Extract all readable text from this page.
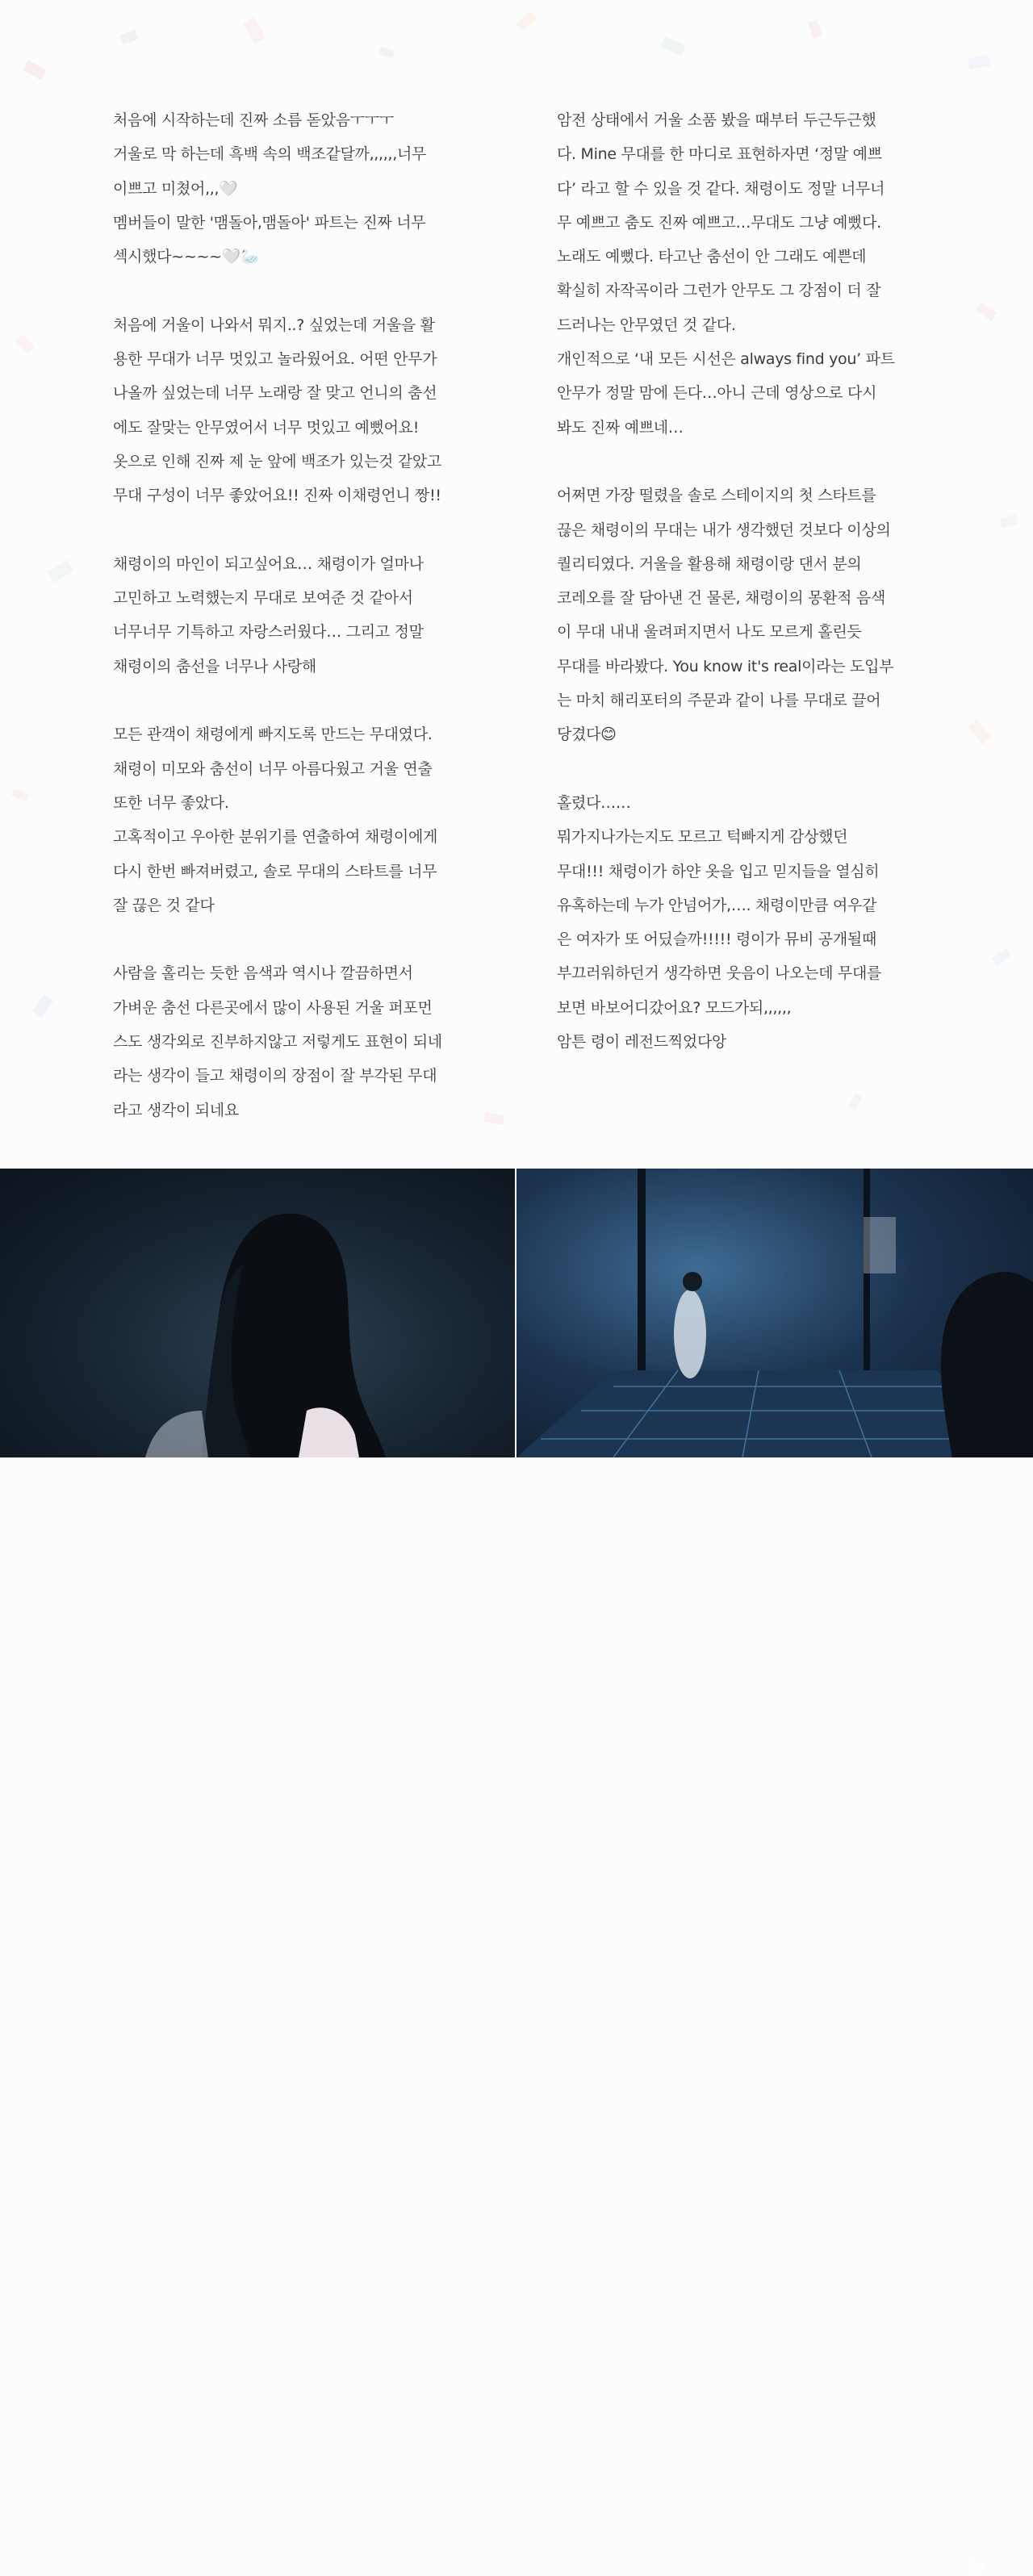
처음에 시작하는데 진짜 소름 돋았음ㅜㅜㅜ
거울로 막 하는데 흑백 속의 백조같달까,,,,,,너무
이쁘고 미쳤어,,,🤍
멤버들이 말한 '맴돌아,맴돌아' 파트는 진짜 너무
섹시했다~~~~🤍🦢

처음에 거울이 나와서 뭐지..? 싶었는데 거울을 활
용한 무대가 너무 멋있고 놀라웠어요. 어떤 안무가
나올까 싶었는데 너무 노래랑 잘 맞고 언니의 춤선
에도 잘맞는 안무였어서 너무 멋있고 예뻤어요!
옷으로 인해 진짜 제 눈 앞에 백조가 있는것 같았고
무대 구성이 너무 좋았어요!! 진짜 이채령언니 짱!!

채령이의 마인이 되고싶어요… 채령이가 얼마나
고민하고 노력했는지 무대로 보여준 것 같아서
너무너무 기특하고 자랑스러웠다… 그리고 정말
채령이의 춤선을 너무나 사랑해

모든 관객이 채령에게 빠지도록 만드는 무대였다.
채령이 미모와 춤선이 너무 아름다웠고 거울 연출
또한 너무 좋았다.
고혹적이고 우아한 분위기를 연출하여 채령이에게
다시 한번 빠져버렸고, 솔로 무대의 스타트를 너무
잘 끊은 것 같다

사람을 홀리는 듯한 음색과 역시나 깔끔하면서
가벼운 춤선 다른곳에서 많이 사용된 거울 퍼포먼
스도 생각외로 진부하지않고 저렇게도 표현이 되네
라는 생각이 들고 채령이의 장점이 잘 부각된 무대
라고 생각이 되네요

암전 상태에서 거울 소품 봤을 때부터 두근두근했
다. Mine 무대를 한 마디로 표현하자면 ‘정말 예쁘
다’ 라고 할 수 있을 것 같다. 채령이도 정말 너무너
무 예쁘고 춤도 진짜 예쁘고…무대도 그냥 예뻤다.
노래도 예뻤다. 타고난 춤선이 안 그래도 예쁜데
확실히 자작곡이라 그런가 안무도 그 강점이 더 잘
드러나는 안무였던 것 같다.
개인적으로 ‘내 모든 시선은 always find you’ 파트
안무가 정말 맘에 든다…아니 근데 영상으로 다시
봐도 진짜 예쁘네…

어쩌면 가장 떨렸을 솔로 스테이지의 첫 스타트를
끊은 채령이의 무대는 내가 생각했던 것보다 이상의
퀄리티였다. 거울을 활용해 채령이랑 댄서 분의
코레오를 잘 담아낸 건 물론, 채령이의 몽환적 음색
이 무대 내내 울려퍼지면서 나도 모르게 홀린듯
무대를 바라봤다. You know it's real이라는 도입부
는 마치 해리포터의 주문과 같이 나를 무대로 끌어
당겼다😊

홀렸다……
뭐가지나가는지도 모르고 턱빠지게 감상했던
무대!!! 채령이가 하얀 옷을 입고 믿지들을 열심히
유혹하는데 누가 안넘어가,…. 채령이만큼 여우같
은 여자가 또 어딨슬까!!!!! 령이가 뮤비 공개될때
부끄러워하던거 생각하면 웃음이 나오는데 무대를
보면 바보어디갔어요? 모드가되,,,,,,
암튼 령이 레전드찍었다앙

29
